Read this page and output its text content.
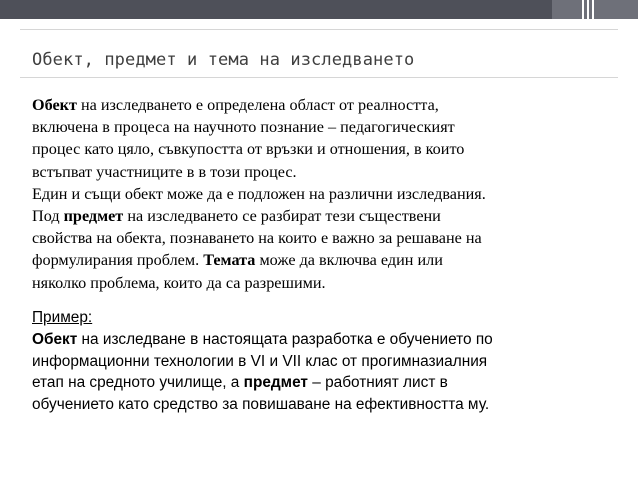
Обект, предмет и тема на изследването
Обект на изследването е определена област от реалността,
включена в процеса на научното познание – педагогическият
процес като цяло, съвкупостта от връзки и отношения, в които
встъпват участниците в в този процес.
Един и същи обект може да е подложен на различни изследвания.
Под предмет на изследването се разбират тези съществени
свойства на обекта, познаването на които е важно за решаване на
формулирания проблем. Темата може да включва един или
няколко проблема, които да са разрешими.
Пример:
Обект на изследване в настоящата разработка е обучението по
информационни технологии в VI и VII клас от прогимназиалния
етап на средното училище, а предмет – работният лист в
обучението като средство за повишаване на ефективността му.
